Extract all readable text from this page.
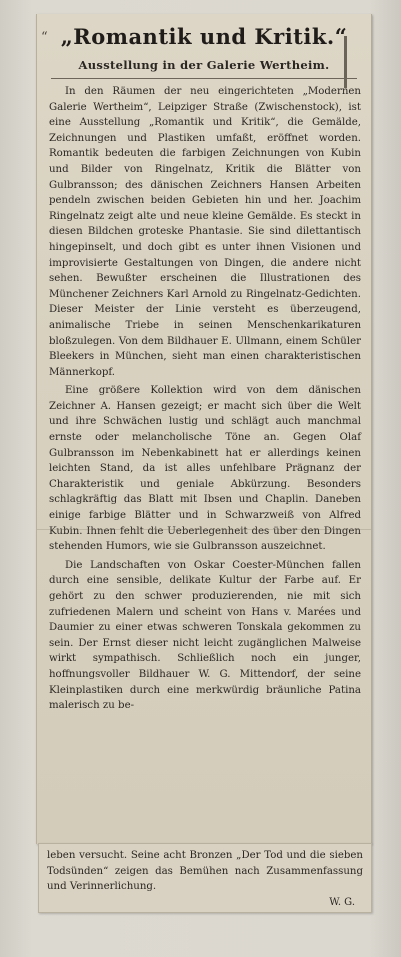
“ „Romantik und Kritik.“
Ausstellung in der Galerie Wertheim.

In den Räumen der neu eingerichteten „Modernen Galerie Wertheim“, Leipziger Straße (Zwischenstock), ist eine Ausstellung „Romantik und Kritik“, die Gemälde, Zeichnungen und Plastiken umfaßt, eröffnet worden. Romantik bedeuten die farbigen Zeichnungen von Kubin und Bilder von Ringelnatz, Kritik die Blätter von Gulbransson; des dänischen Zeichners Hansen Arbeiten pendeln zwischen beiden Gebieten hin und her. Joachim Ringelnatz zeigt alte und neue kleine Gemälde. Es steckt in diesen Bildchen groteske Phantasie. Sie sind dilettantisch hingepinselt, und doch gibt es unter ihnen Visionen und improvisierte Gestaltungen von Dingen, die andere nicht sehen. Bewußter erscheinen die Illustrationen des Münchener Zeichners Karl Arnold zu Ringelnatz-Gedichten. Dieser Meister der Linie versteht es überzeugend, animalische Triebe in seinen Menschenkarikaturen bloßzulegen. Von dem Bildhauer E. Ullmann, einem Schüler Bleekers in München, sieht man einen charakteristischen Männerkopf.

Eine größere Kollektion wird von dem dänischen Zeichner A. Hansen gezeigt; er macht sich über die Welt und ihre Schwächen lustig und schlägt auch manchmal ernste oder melancholische Töne an. Gegen Olaf Gulbransson im Nebenkabinett hat er allerdings keinen leichten Stand, da ist alles unfehlbare Prägnanz der Charakteristik und geniale Abkürzung. Besonders schlagkräftig das Blatt mit Ibsen und Chaplin. Daneben einige farbige Blätter und in Schwarzweiß von Alfred Kubin. Ihnen fehlt die Ueberlegenheit des über den Dingen stehenden Humors, wie sie Gulbransson auszeichnet.

Die Landschaften von Oskar Coester-München fallen durch eine sensible, delikate Kultur der Farbe auf. Er gehört zu den schwer produzierenden, nie mit sich zufriedenen Malern und scheint von Hans v. Marées und Daumier zu einer etwas schweren Tonskala gekommen zu sein. Der Ernst dieser nicht leicht zugänglichen Malweise wirkt sympathisch. Schließlich noch ein junger, hoffnungsvoller Bildhauer W. G. Mittendorf, der seine Kleinplastiken durch eine merkwürdig bräunliche Patina malerisch zu be-

leben versucht. Seine acht Bronzen „Der Tod und die sieben Todsünden“ zeigen das Bemühen nach Zusammenfassung und Verinnerlichung.
W. G.
